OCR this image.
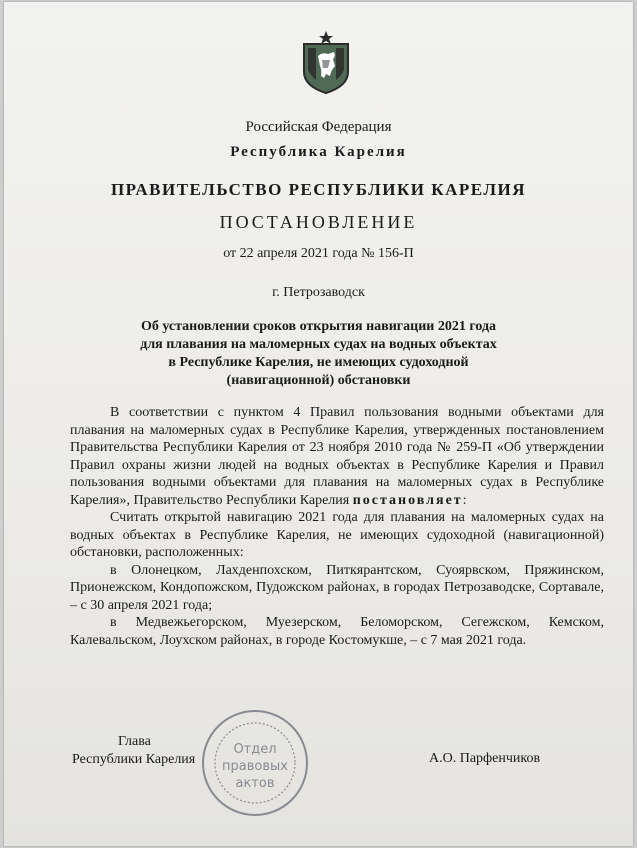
Российская Федерация
Республика Карелия
ПРАВИТЕЛЬСТВО РЕСПУБЛИКИ КАРЕЛИЯ
ПОСТАНОВЛЕНИЕ
от 22 апреля 2021 года № 156-П
г. Петрозаводск
Об установлении сроков открытия навигации 2021 года
для плавания на маломерных судах на водных объектах
в Республике Карелия, не имеющих судоходной
(навигационной) обстановки

В соответствии с пунктом 4 Правил пользования водными объектами для плавания на маломерных судах в Республике Карелия, утвержденных постановлением Правительства Республики Карелия от 23 ноября 2010 года № 259-П «Об утверждении Правил охраны жизни людей на водных объектах в Республике Карелия и Правил пользования водными объектами для плавания на маломерных судах в Республике Карелия», Правительство Республики Карелия постановляет:

Считать открытой навигацию 2021 года для плавания на маломерных судах на водных объектах в Республике Карелия, не имеющих судоходной (навигационной) обстановки, расположенных:

в Олонецком, Лахденпохском, Питкярантском, Суоярвском, Пряжинском, Прионежском, Кондопожском, Пудожском районах, в городах Петрозаводске, Сортавале, – с 30 апреля 2021 года;

в Медвежьегорском, Муезерском, Беломорском, Сегежском, Кемском, Калевальском, Лоухском районах, в городе Костомукше, – с 7 мая 2021 года.

Глава
Республики Карелия
Отдел
правовых
актов
А.О. Парфенчиков
